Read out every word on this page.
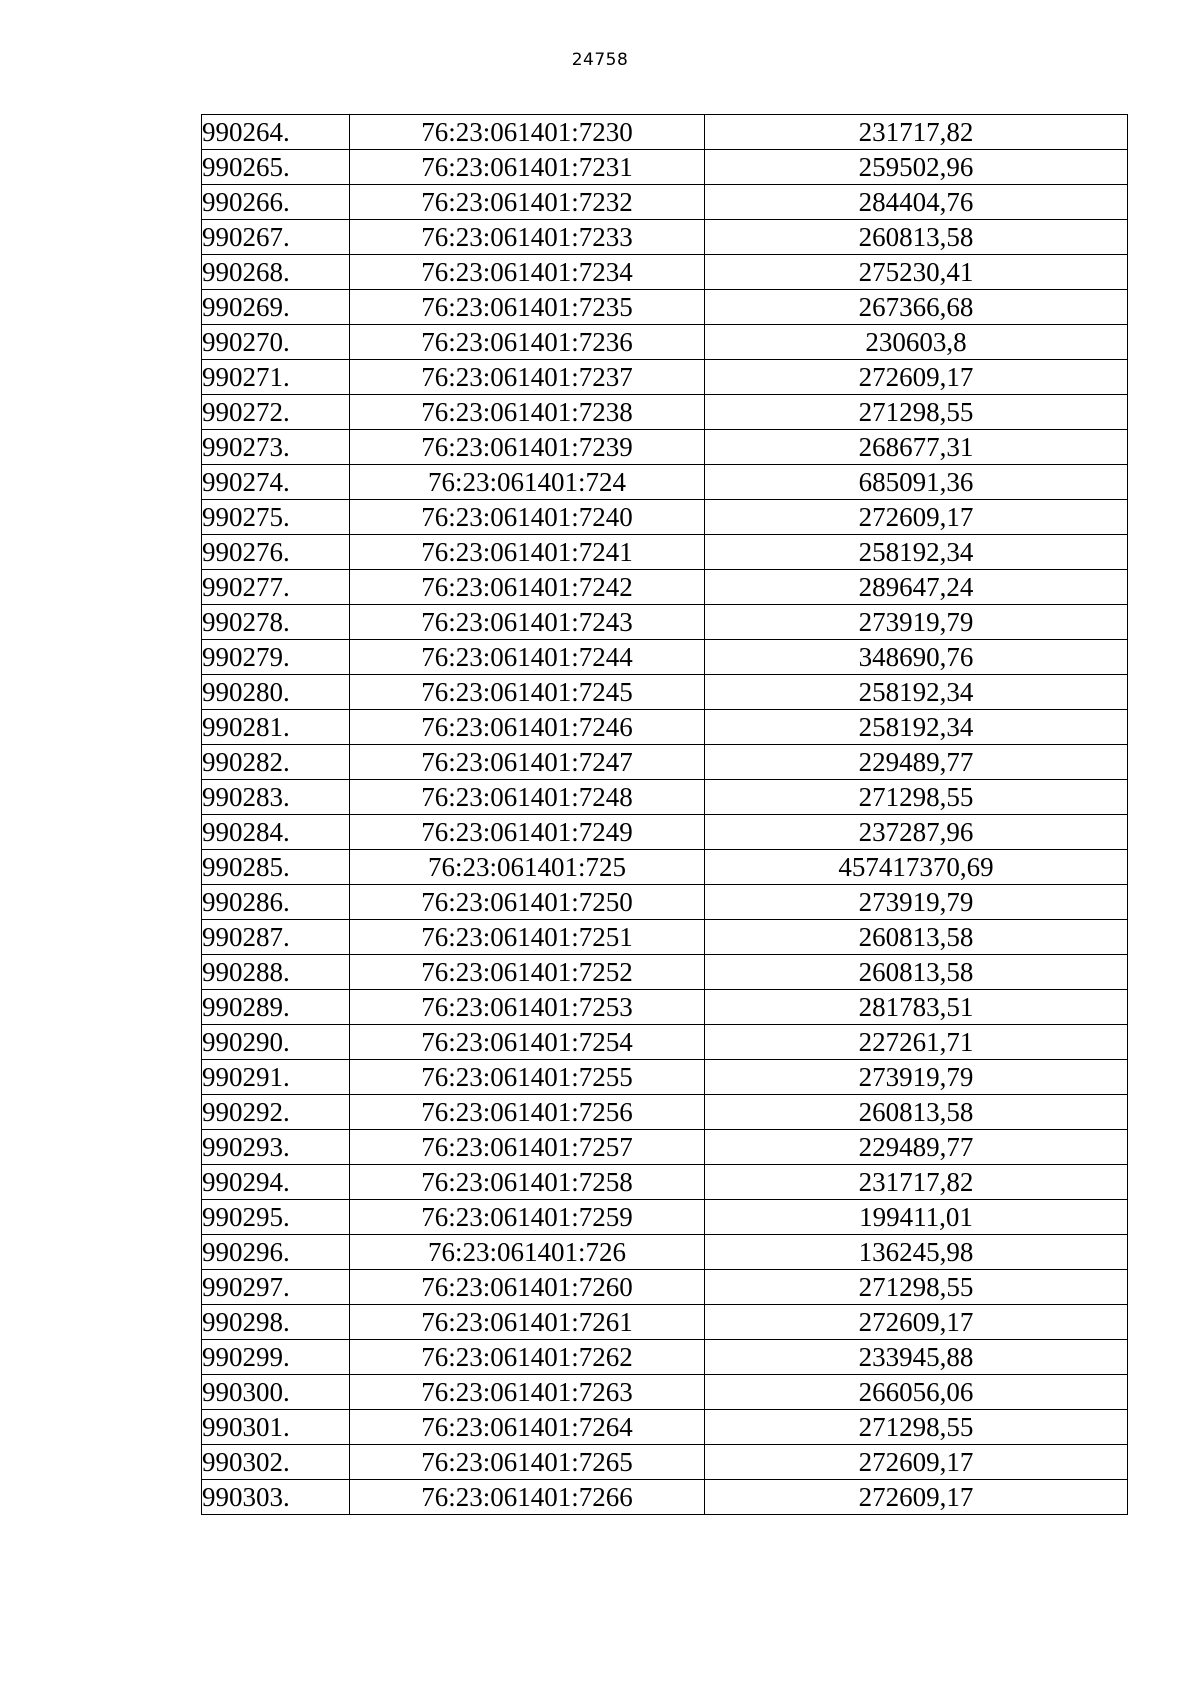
24758
990264.	76:23:061401:7230	231717,82
990265.	76:23:061401:7231	259502,96
990266.	76:23:061401:7232	284404,76
990267.	76:23:061401:7233	260813,58
990268.	76:23:061401:7234	275230,41
990269.	76:23:061401:7235	267366,68
990270.	76:23:061401:7236	230603,8
990271.	76:23:061401:7237	272609,17
990272.	76:23:061401:7238	271298,55
990273.	76:23:061401:7239	268677,31
990274.	76:23:061401:724	685091,36
990275.	76:23:061401:7240	272609,17
990276.	76:23:061401:7241	258192,34
990277.	76:23:061401:7242	289647,24
990278.	76:23:061401:7243	273919,79
990279.	76:23:061401:7244	348690,76
990280.	76:23:061401:7245	258192,34
990281.	76:23:061401:7246	258192,34
990282.	76:23:061401:7247	229489,77
990283.	76:23:061401:7248	271298,55
990284.	76:23:061401:7249	237287,96
990285.	76:23:061401:725	457417370,69
990286.	76:23:061401:7250	273919,79
990287.	76:23:061401:7251	260813,58
990288.	76:23:061401:7252	260813,58
990289.	76:23:061401:7253	281783,51
990290.	76:23:061401:7254	227261,71
990291.	76:23:061401:7255	273919,79
990292.	76:23:061401:7256	260813,58
990293.	76:23:061401:7257	229489,77
990294.	76:23:061401:7258	231717,82
990295.	76:23:061401:7259	199411,01
990296.	76:23:061401:726	136245,98
990297.	76:23:061401:7260	271298,55
990298.	76:23:061401:7261	272609,17
990299.	76:23:061401:7262	233945,88
990300.	76:23:061401:7263	266056,06
990301.	76:23:061401:7264	271298,55
990302.	76:23:061401:7265	272609,17
990303.	76:23:061401:7266	272609,17
